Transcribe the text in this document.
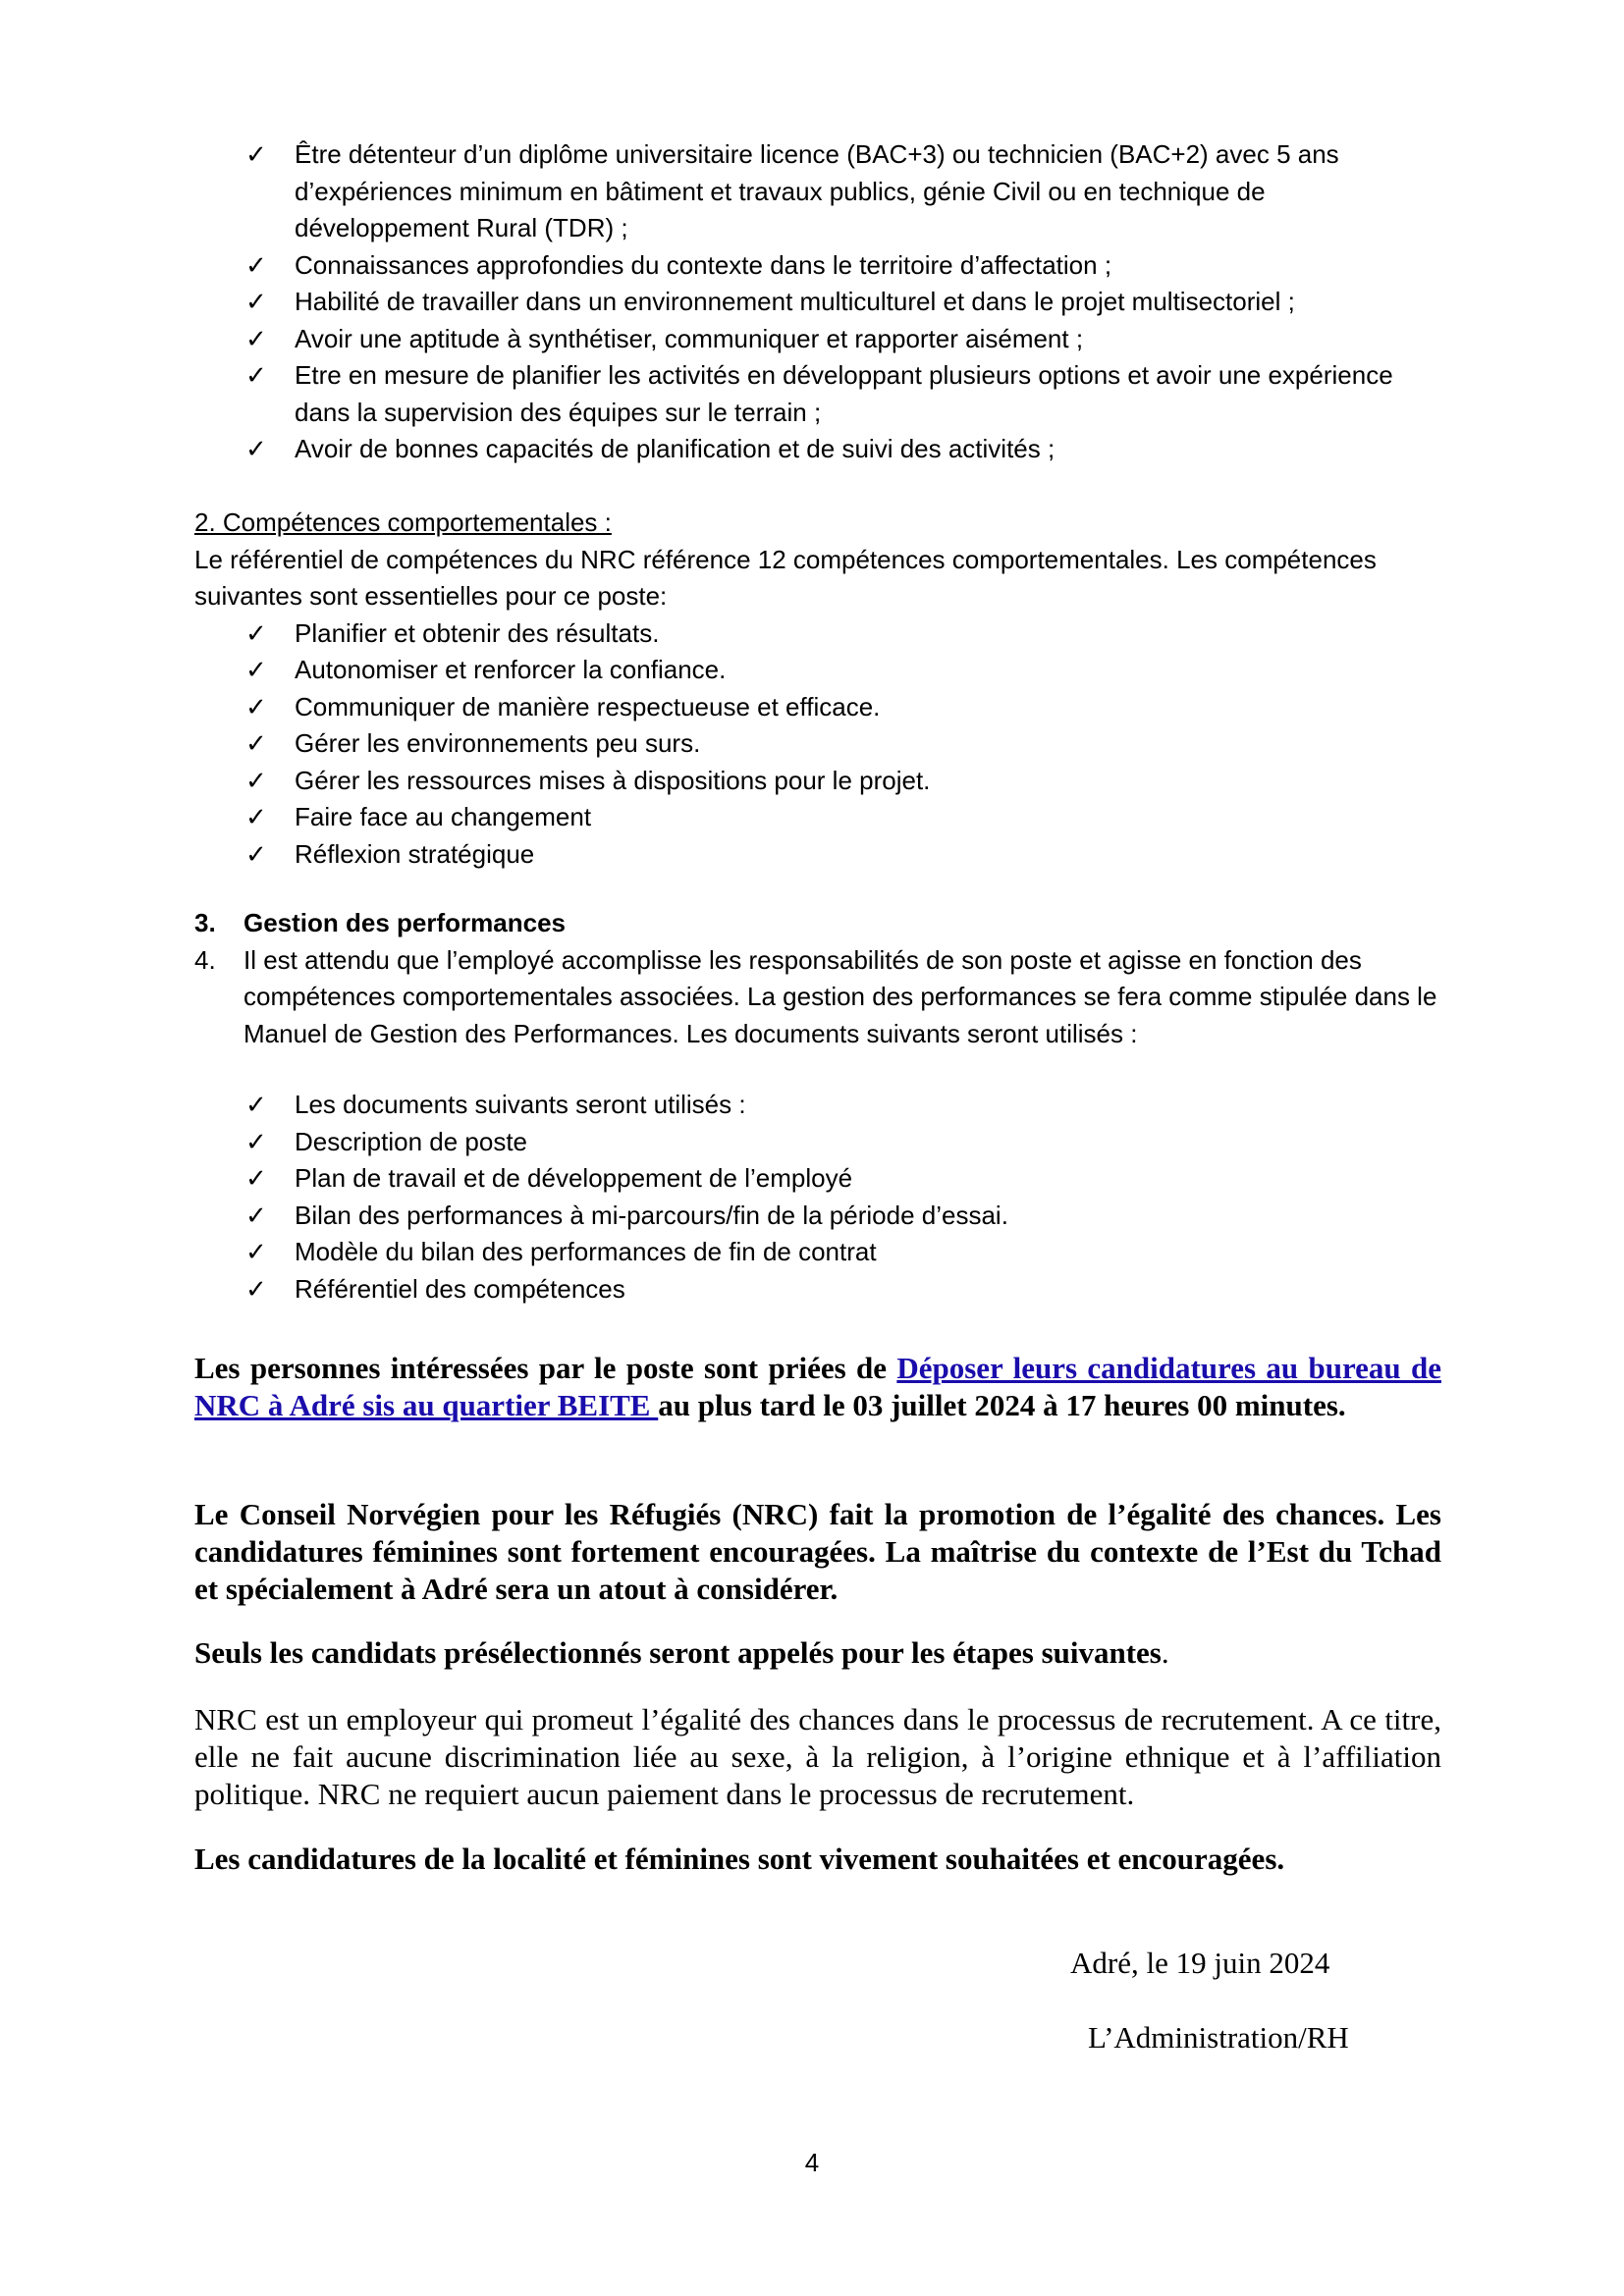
✓ Être détenteur d’un diplôme universitaire licence (BAC+3) ou technicien (BAC+2) avec 5 ans d’expériences minimum en bâtiment et travaux publics, génie Civil ou en technique de développement Rural (TDR) ;
✓ Connaissances approfondies du contexte dans le territoire d’affectation ;
✓ Habilité de travailler dans un environnement multiculturel et dans le projet multisectoriel ;
✓ Avoir une aptitude à synthétiser, communiquer et rapporter aisément ;
✓ Etre en mesure de planifier les activités en développant plusieurs options et avoir une expérience dans la supervision des équipes sur le terrain ;
✓ Avoir de bonnes capacités de planification et de suivi des activités ;
2. Compétences comportementales :
Le référentiel de compétences du NRC référence 12 compétences comportementales. Les compétences suivantes sont essentielles pour ce poste:
✓ Planifier et obtenir des résultats.
✓ Autonomiser et renforcer la confiance.
✓ Communiquer de manière respectueuse et efficace.
✓ Gérer les environnements peu surs.
✓ Gérer les ressources mises à dispositions pour le projet.
✓ Faire face au changement
✓ Réflexion stratégique
3. Gestion des performances
4. Il est attendu que l’employé accomplisse les responsabilités de son poste et agisse en fonction des compétences comportementales associées. La gestion des performances se fera comme stipulée dans le Manuel de Gestion des Performances. Les documents suivants seront utilisés :
✓ Les documents suivants seront utilisés :
✓ Description de poste
✓ Plan de travail et de développement de l’employé
✓ Bilan des performances à mi-parcours/fin de la période d’essai.
✓ Modèle du bilan des performances de fin de contrat
✓ Référentiel des compétences
Les personnes intéressées par le poste sont priées de Déposer leurs candidatures au bureau de NRC à Adré sis au quartier BEITE au plus tard le 03 juillet 2024 à 17 heures 00 minutes.
Le Conseil Norvégien pour les Réfugiés (NRC) fait la promotion de l’égalité des chances. Les candidatures féminines sont fortement encouragées. La maîtrise du contexte de l’Est du Tchad et spécialement à Adré sera un atout à considérer.
Seuls les candidats présélectionnés seront appelés pour les étapes suivantes.
NRC est un employeur qui promeut l’égalité des chances dans le processus de recrutement. A ce titre, elle ne fait aucune discrimination liée au sexe, à la religion, à l’origine ethnique et à l’affiliation politique. NRC ne requiert aucun paiement dans le processus de recrutement.
Les candidatures de la localité et féminines sont vivement souhaitées et encouragées.
Adré, le 19 juin 2024
L’Administration/RH
4
